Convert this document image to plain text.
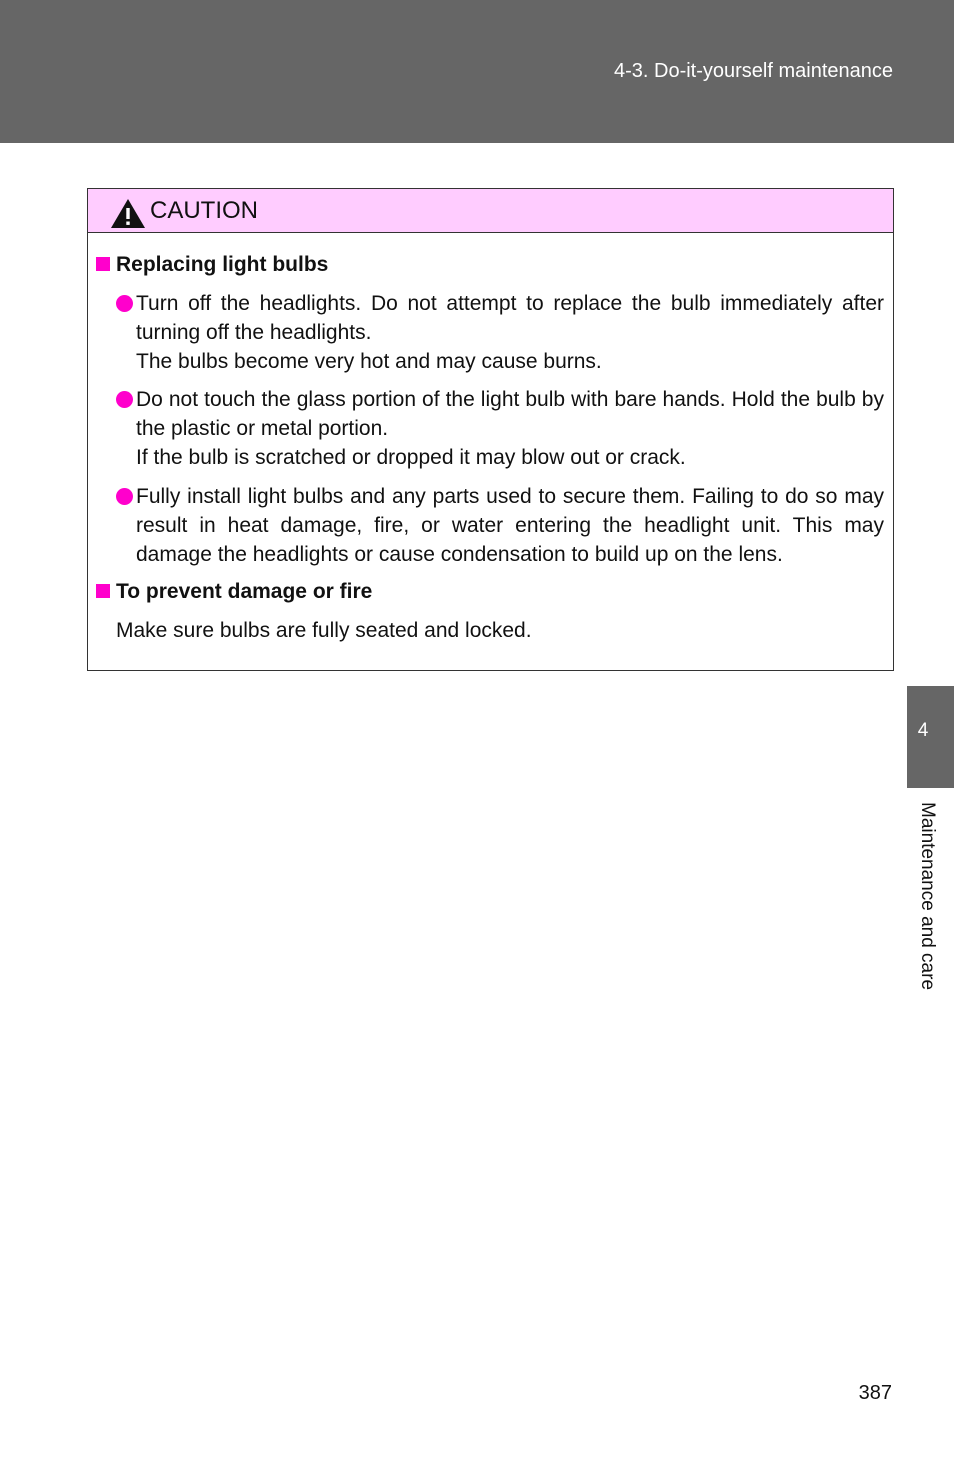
4-3. Do-it-yourself maintenance
CAUTION
Replacing light bulbs
Turn off the headlights. Do not attempt to replace the bulb immediately after turning off the headlights.
The bulbs become very hot and may cause burns.
Do not touch the glass portion of the light bulb with bare hands. Hold the bulb by the plastic or metal portion.
If the bulb is scratched or dropped it may blow out or crack.
Fully install light bulbs and any parts used to secure them. Failing to do so may result in heat damage, fire, or water entering the headlight unit. This may damage the headlights or cause condensation to build up on the lens.
To prevent damage or fire
Make sure bulbs are fully seated and locked.
4
Maintenance and care
387
